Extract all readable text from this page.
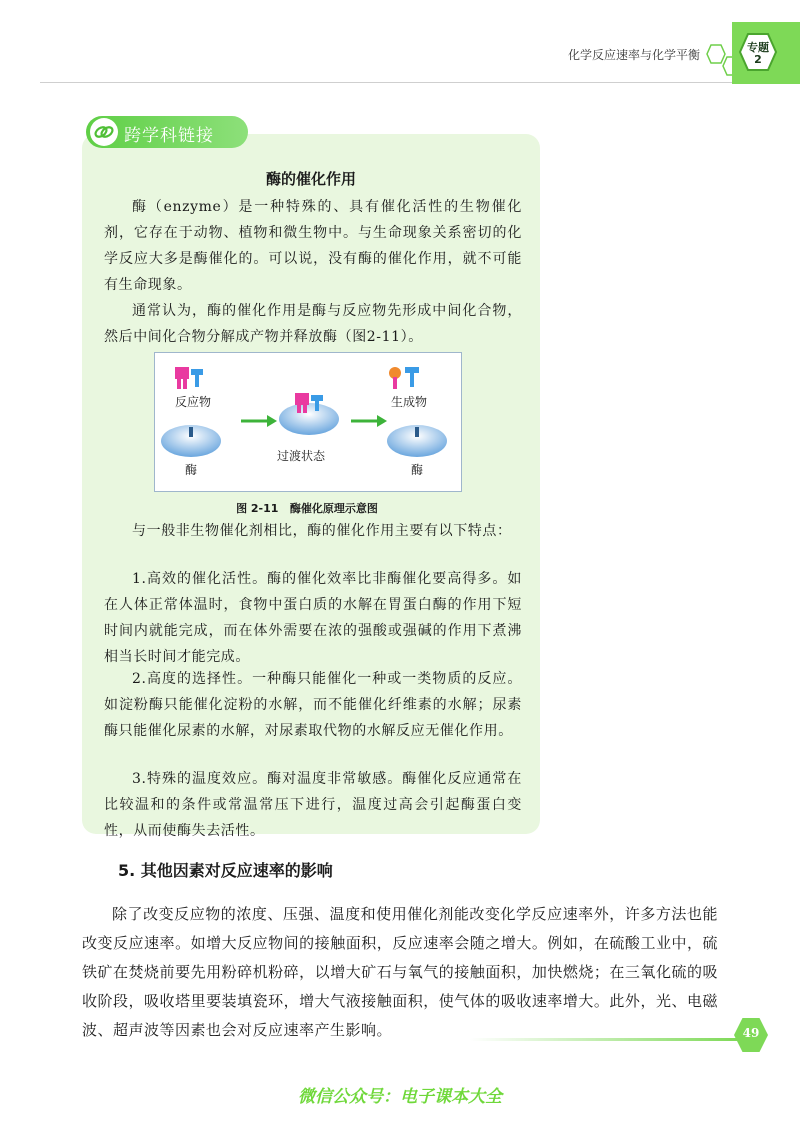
化学反应速率与化学平衡
专题
2
跨学科链接
酶的催化作用
酶（enzyme）是一种特殊的、具有催化活性的生物催化剂，它存在于动物、植物和微生物中。与生命现象关系密切的化学反应大多是酶催化的。可以说，没有酶的催化作用，就不可能有生命现象。
通常认为，酶的催化作用是酶与反应物先形成中间化合物，然后中间化合物分解成产物并释放酶（图2-11）。
反应物
酶
过渡状态
生成物
酶
图 2-11 酶催化原理示意图
与一般非生物催化剂相比，酶的催化作用主要有以下特点：
1.高效的催化活性。酶的催化效率比非酶催化要高得多。如在人体正常体温时，食物中蛋白质的水解在胃蛋白酶的作用下短时间内就能完成，而在体外需要在浓的强酸或强碱的作用下煮沸相当长时间才能完成。
2.高度的选择性。一种酶只能催化一种或一类物质的反应。如淀粉酶只能催化淀粉的水解，而不能催化纤维素的水解；尿素酶只能催化尿素的水解，对尿素取代物的水解反应无催化作用。
3.特殊的温度效应。酶对温度非常敏感。酶催化反应通常在比较温和的条件或常温常压下进行，温度过高会引起酶蛋白变性，从而使酶失去活性。
5. 其他因素对反应速率的影响
除了改变反应物的浓度、压强、温度和使用催化剂能改变化学反应速率外，许多方法也能改变反应速率。如增大反应物间的接触面积，反应速率会随之增大。例如，在硫酸工业中，硫铁矿在焚烧前要先用粉碎机粉碎，以增大矿石与氧气的接触面积，加快燃烧；在三氧化硫的吸收阶段，吸收塔里要装填瓷环，增大气液接触面积，使气体的吸收速率增大。此外，光、电磁波、超声波等因素也会对反应速率产生影响。	49
微信公众号：电子课本大全
